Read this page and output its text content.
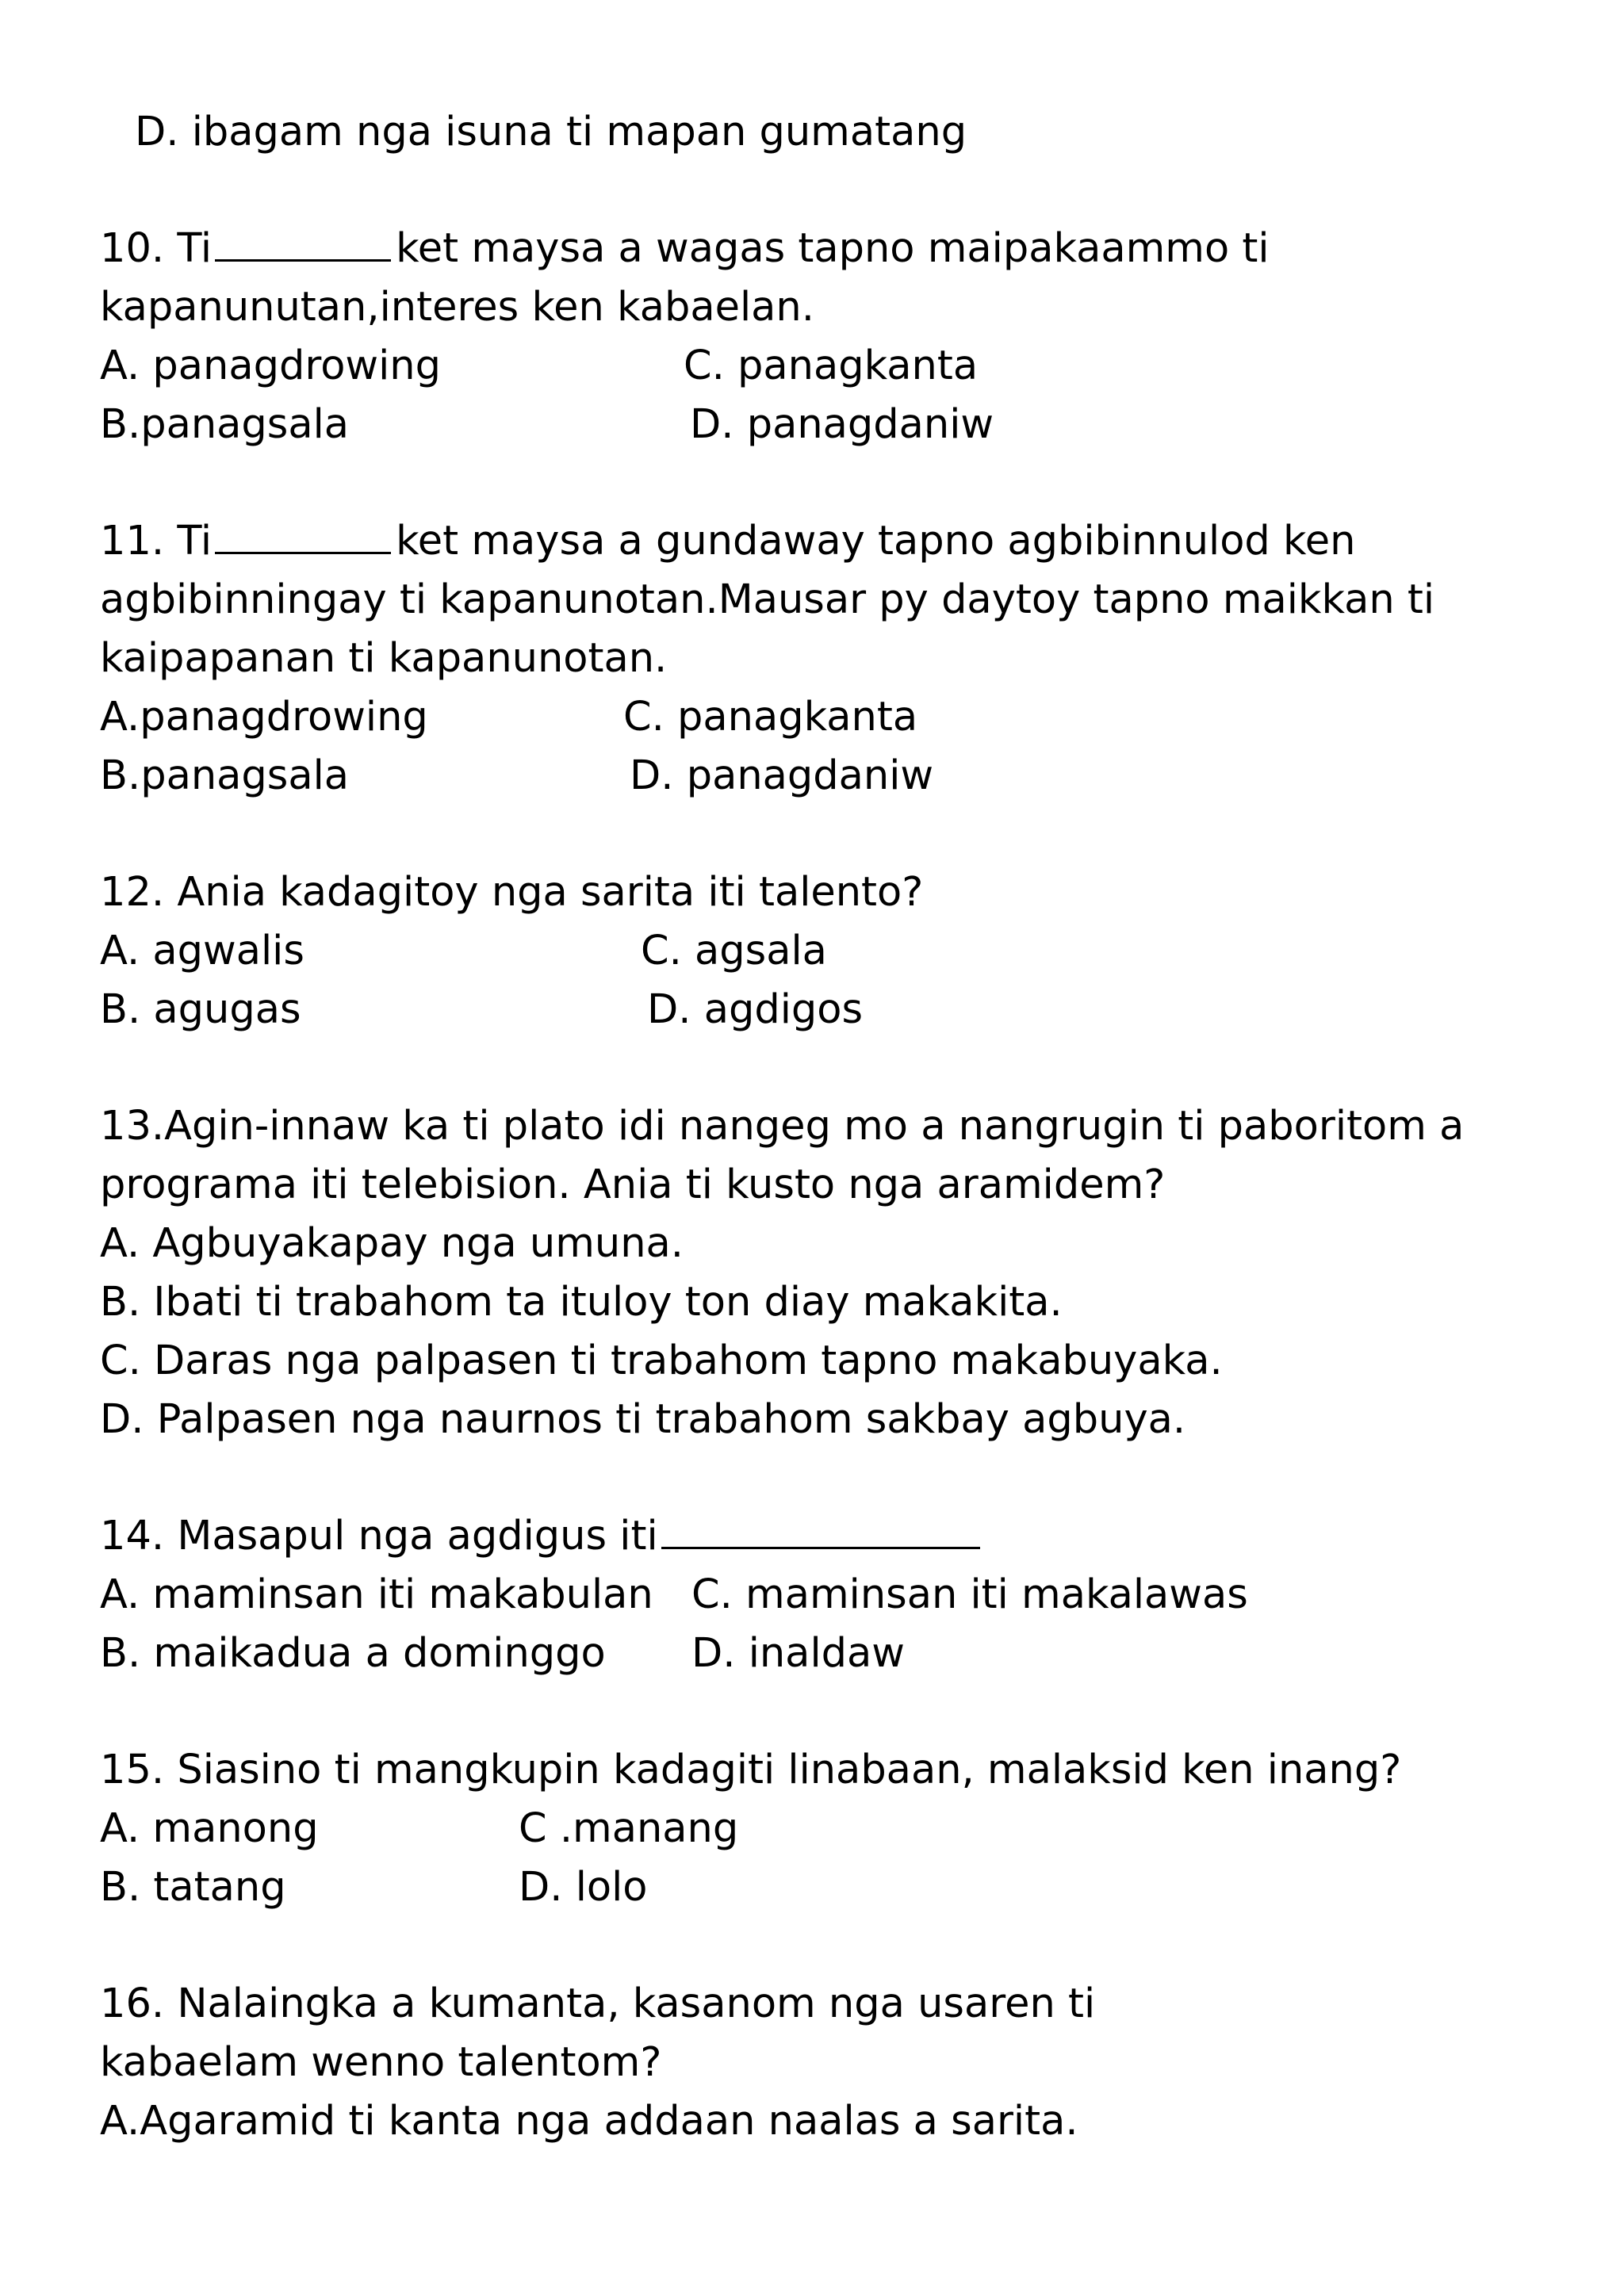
D. ibagam nga isuna ti mapan gumatang
10. Ti	ket maysa a wagas tapno maipakaammo ti
kapanunutan,interes ken kabaelan.
A. panagdrowing	C. panagkanta
B.panagsala	D. panagdaniw
11. Ti	ket maysa a gundaway tapno agbibinnulod ken
agbibinningay ti kapanunotan.Mausar py daytoy tapno maikkan ti
kaipapanan ti kapanunotan.
A.panagdrowing	C. panagkanta
B.panagsala	D. panagdaniw
12. Ania kadagitoy nga sarita iti talento?
A. agwalis	C. agsala
B. agugas	D. agdigos
13.Agin-innaw ka ti plato idi nangeg mo a nangrugin ti paboritom a
programa iti telebision. Ania ti kusto nga aramidem?
A. Agbuyakapay nga umuna.
B. Ibati ti trabahom ta ituloy ton diay makakita.
C. Daras nga palpasen ti trabahom tapno makabuyaka.
D. Palpasen nga naurnos ti trabahom sakbay agbuya.
14. Masapul nga agdigus iti
A. maminsan iti makabulan C. maminsan iti makalawas
B. maikadua a dominggo D. inaldaw
15. Siasino ti mangkupin kadagiti linabaan, malaksid ken inang?
A. manong	C .manang
B. tatang	D. lolo
16. Nalaingka a kumanta, kasanom nga usaren ti
kabaelam wenno talentom?
A.Agaramid ti kanta nga addaan naalas a sarita.
